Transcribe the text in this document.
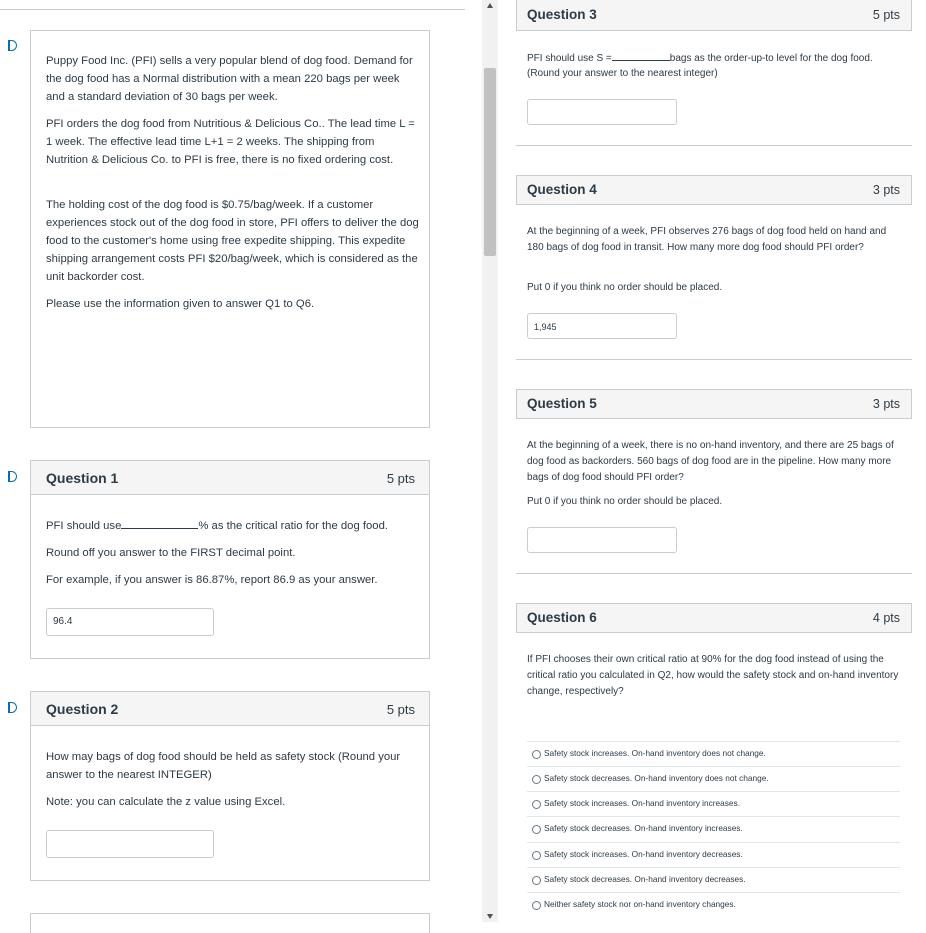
Puppy Food Inc. (PFI) sells a very popular blend of dog food. Demand for the dog food has a Normal distribution with a mean 220 bags per week and a standard deviation of 30 bags per week.
PFI orders the dog food from Nutritious & Delicious Co.. The lead time L = 1 week. The effective lead time L+1 = 2 weeks. The shipping from Nutrition & Delicious Co. to PFI is free, there is no fixed ordering cost.
The holding cost of the dog food is $0.75/bag/week. If a customer experiences stock out of the dog food in store, PFI offers to deliver the dog food to the customer's home using free expedite shipping. This expedite shipping arrangement costs PFI $20/bag/week, which is considered as the unit backorder cost.
Please use the information given to answer Q1 to Q6.
Question 1	5 pts
PFI should use	% as the critical ratio for the dog food.
Round off you answer to the FIRST decimal point.
For example, if you answer is 86.87%, report 86.9 as your answer.
96.4
Question 2	5 pts
How may bags of dog food should be held as safety stock (Round your answer to the nearest INTEGER)
Note: you can calculate the z value using Excel.
Question 3	5 pts
PFI should use S =	bags as the order-up-to level for the dog food.
(Round your answer to the nearest integer)
Question 4	3 pts
At the beginning of a week, PFI observes 276 bags of dog food held on hand and 180 bags of dog food in transit. How many more dog food should PFI order?
Put 0 if you think no order should be placed.
1,945
Question 5	3 pts
At the beginning of a week, there is no on-hand inventory, and there are 25 bags of dog food as backorders. 560 bags of dog food are in the pipeline. How many more bags of dog food should PFI order?
Put 0 if you think no order should be placed.
Question 6	4 pts
If PFI chooses their own critical ratio at 90% for the dog food instead of using the critical ratio you calculated in Q2, how would the safety stock and on-hand inventory change, respectively?
Safety stock increases. On-hand inventory does not change.
Safety stock decreases. On-hand inventory does not change.
Safety stock increases. On-hand inventory increases.
Safety stock decreases. On-hand inventory increases.
Safety stock increases. On-hand inventory decreases.
Safety stock decreases. On-hand inventory decreases.
Neither safety stock nor on-hand inventory changes.
